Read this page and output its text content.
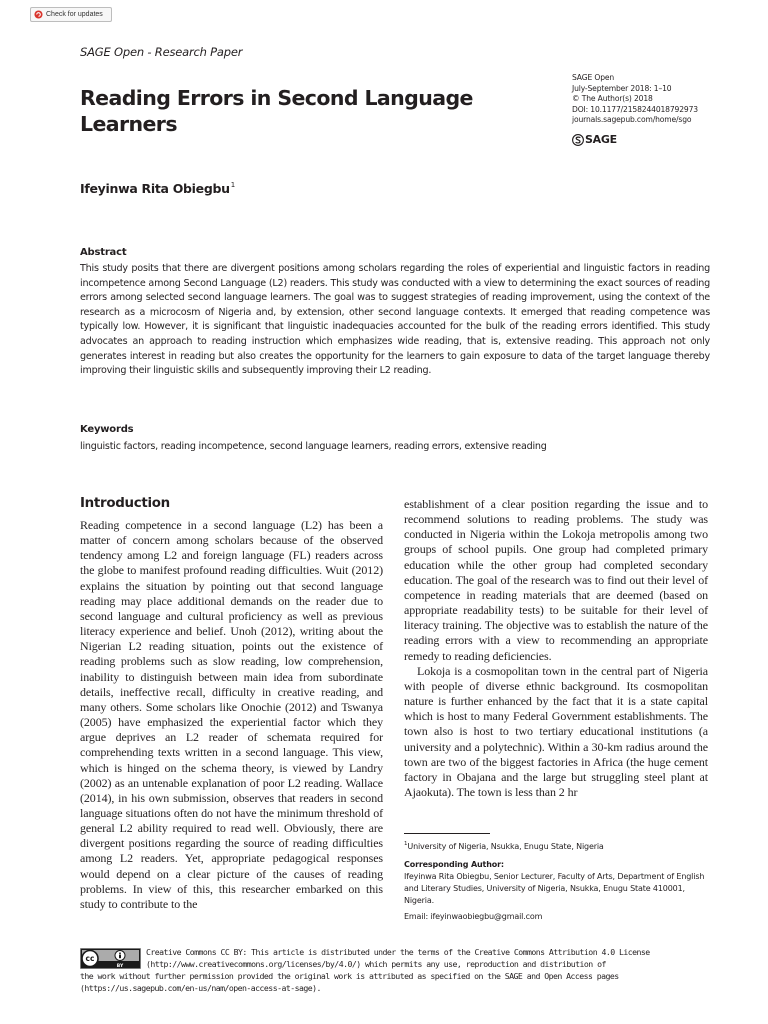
Check for updates
SAGE Open - Research Paper
Reading Errors in Second Language Learners
SAGE Open
July-September 2018: 1–10
© The Author(s) 2018
DOI: 10.1177/2158244018792973
journals.sagepub.com/home/sgo
SAGE
Ifeyinwa Rita Obiegbu$^1$
Abstract

This study posits that there are divergent positions among scholars regarding the roles of experiential and linguistic factors in reading incompetence among Second Language (L2) readers. This study was conducted with a view to determining the exact sources of reading errors among selected second language learners. The goal was to suggest strategies of reading improvement, using the context of the research as a microcosm of Nigeria and, by extension, other second language contexts. It emerged that reading competence was typically low. However, it is significant that linguistic inadequacies accounted for the bulk of the reading errors identified. This study advocates an approach to reading instruction which emphasizes wide reading, that is, extensive reading. This approach not only generates interest in reading but also creates the opportunity for the learners to gain exposure to data of the target language thereby improving their linguistic skills and subsequently improving their L2 reading.

Keywords

linguistic factors, reading incompetence, second language learners, reading errors, extensive reading

Introduction

Reading competence in a second language (L2) has been a matter of concern among scholars because of the observed tendency among L2 and foreign language (FL) readers across the globe to manifest profound reading difficulties. Wuit (2012) explains the situation by pointing out that second language reading may place additional demands on the reader due to second language and cultural proficiency as well as previous literacy experience and belief. Unoh (2012), writing about the Nigerian L2 reading situation, points out the existence of reading problems such as slow reading, low comprehension, inability to distinguish between main idea from subordinate details, ineffective recall, difficulty in creative reading, and many others. Some scholars like Onochie (2012) and Tswanya (2005) have emphasized the experiential factor which they argue deprives an L2 reader of schemata required for comprehending texts written in a second language. This view, which is hinged on the schema theory, is viewed by Landry (2002) as an untenable explanation of poor L2 reading. Wallace (2014), in his own submission, observes that readers in second language situations often do not have the minimum threshold of general L2 ability required to read well. Obviously, there are divergent positions regarding the source of reading difficulties among L2 readers. Yet, appropriate pedagogical responses would depend on a clear picture of the causes of reading problems. In view of this, this researcher embarked on this study to contribute to the

establishment of a clear position regarding the issue and to recommend solutions to reading problems. The study was conducted in Nigeria within the Lokoja metropolis among two groups of school pupils. One group had completed primary education while the other group had completed secondary education. The goal of the research was to find out their level of competence in reading materials that are deemed (based on appropriate readability tests) to be suitable for their level of literacy training. The objective was to establish the nature of the reading errors with a view to recommending an appropriate remedy to reading deficiencies.

Lokoja is a cosmopolitan town in the central part of Nigeria with people of diverse ethnic background. Its cosmopolitan nature is further enhanced by the fact that it is a state capital which is host to many Federal Government establishments. The town also is host to two tertiary educational institutions (a university and a polytechnic). Within a 30-km radius around the town are two of the biggest factories in Africa (the huge cement factory in Obajana and the large but struggling steel plant at Ajaokuta). The town is less than 2 hr

$^1$University of Nigeria, Nsukka, Enugu State, Nigeria
Corresponding Author:
Ifeyinwa Rita Obiegbu, Senior Lecturer, Faculty of Arts, Department of English and Literary Studies, University of Nigeria, Nsukka, Enugu State 410001, Nigeria.
Email: ifeyinwaobiegbu@gmail.com
cc
BY
Creative Commons CC BY: This article is distributed under the terms of the Creative Commons Attribution 4.0 License
(http://www.creativecommons.org/licenses/by/4.0/) which permits any use, reproduction and distribution of
the work without further permission provided the original work is attributed as specified on the SAGE and Open Access pages
(https://us.sagepub.com/en-us/nam/open-access-at-sage).
